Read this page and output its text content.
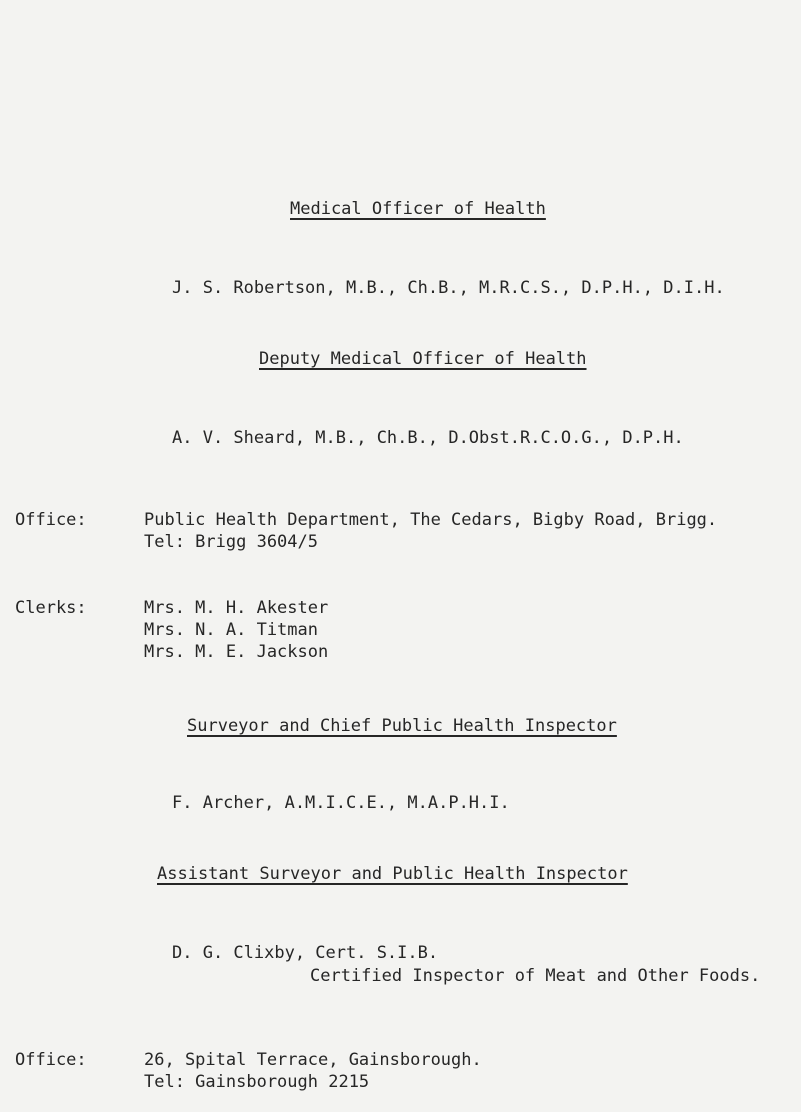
Medical Officer of Health
J. S. Robertson, M.B., Ch.B., M.R.C.S., D.P.H., D.I.H.
Deputy Medical Officer of Health
A. V. Sheard, M.B., Ch.B., D.Obst.R.C.O.G., D.P.H.
Office:	Public Health Department, The Cedars, Bigby Road, Brigg.
Tel: Brigg 3604/5
Clerks:	Mrs. M. H. Akester
Mrs. N. A. Titman
Mrs. M. E. Jackson
Surveyor and Chief Public Health Inspector
F. Archer, A.M.I.C.E., M.A.P.H.I.
Assistant Surveyor and Public Health Inspector
D. G. Clixby, Cert. S.I.B.
Certified Inspector of Meat and Other Foods.
Office:	26, Spital Terrace, Gainsborough.
Tel: Gainsborough 2215
